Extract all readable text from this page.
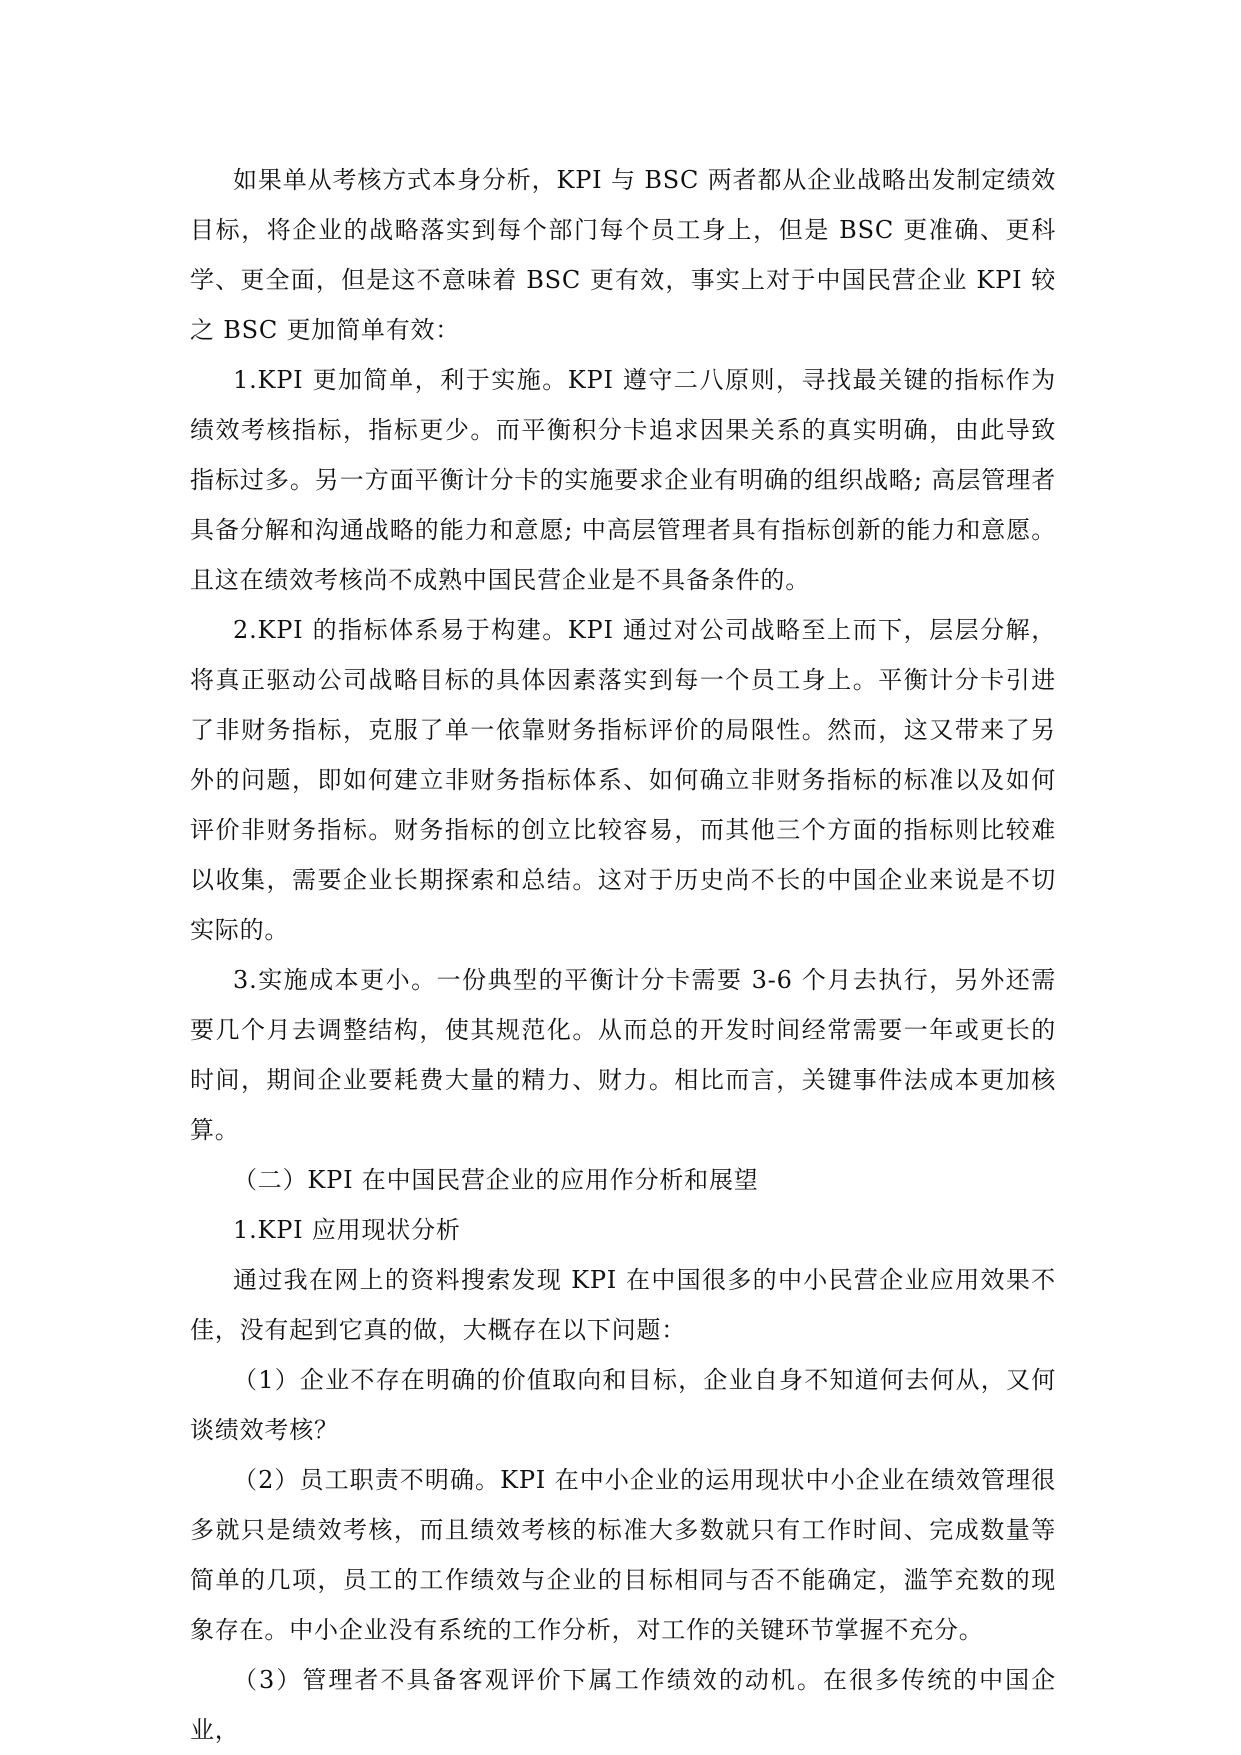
如果单从考核方式本身分析，KPI 与 BSC 两者都从企业战略出发制定绩效目标，将企业的战略落实到每个部门每个员工身上，但是 BSC 更准确、更科学、更全面，但是这不意味着 BSC 更有效，事实上对于中国民营企业 KPI 较之 BSC 更加简单有效：

1.KPI 更加简单，利于实施。KPI 遵守二八原则，寻找最关键的指标作为绩效考核指标，指标更少。而平衡积分卡追求因果关系的真实明确，由此导致指标过多。另一方面平衡计分卡的实施要求企业有明确的组织战略; 高层管理者具备分解和沟通战略的能力和意愿; 中高层管理者具有指标创新的能力和意愿。且这在绩效考核尚不成熟中国民营企业是不具备条件的。

2.KPI 的指标体系易于构建。KPI 通过对公司战略至上而下，层层分解，将真正驱动公司战略目标的具体因素落实到每一个员工身上。平衡计分卡引进了非财务指标，克服了单一依靠财务指标评价的局限性。然而，这又带来了另外的问题，即如何建立非财务指标体系、如何确立非财务指标的标准以及如何评价非财务指标。财务指标的创立比较容易，而其他三个方面的指标则比较难以收集，需要企业长期探索和总结。这对于历史尚不长的中国企业来说是不切实际的。

3.实施成本更小。一份典型的平衡计分卡需要 3-6 个月去执行，另外还需要几个月去调整结构，使其规范化。从而总的开发时间经常需要一年或更长的时间，期间企业要耗费大量的精力、财力。相比而言，关键事件法成本更加核算。

（二）KPI 在中国民营企业的应用作分析和展望

1.KPI 应用现状分析

通过我在网上的资料搜索发现 KPI 在中国很多的中小民营企业应用效果不佳，没有起到它真的做，大概存在以下问题：

（1）企业不存在明确的价值取向和目标，企业自身不知道何去何从，又何谈绩效考核？

（2）员工职责不明确。KPI 在中小企业的运用现状中小企业在绩效管理很多就只是绩效考核，而且绩效考核的标准大多数就只有工作时间、完成数量等简单的几项，员工的工作绩效与企业的目标相同与否不能确定，滥竽充数的现象存在。中小企业没有系统的工作分析，对工作的关键环节掌握不充分。

（3）管理者不具备客观评价下属工作绩效的动机。在很多传统的中国企业，
